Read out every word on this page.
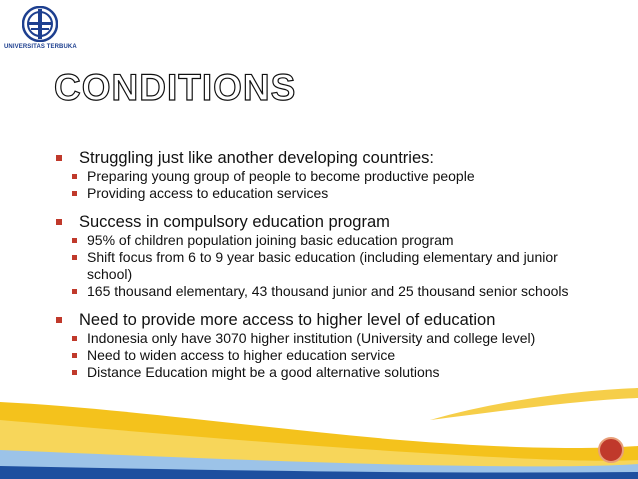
UNIVERSITAS TERBUKA
CONDITIONS
Struggling just like another developing countries:
Preparing young group of people to become productive people
Providing access to education services
Success in compulsory education program
95% of children population joining basic education program
Shift focus from 6 to 9 year basic education (including elementary and junior school)
165 thousand elementary, 43 thousand junior and 25 thousand senior schools
Need to provide more access to higher level of education
Indonesia only have 3070 higher institution (University and college level)
Need to widen access to higher education service
Distance Education might be a good alternative solutions
